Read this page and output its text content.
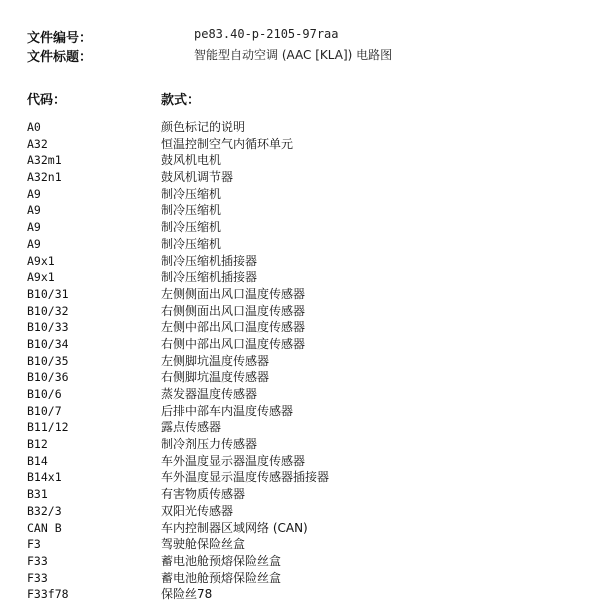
文件编号：	pe83.40-p-2105-97raa
文件标题：	智能型自动空调 (AAC [KLA]) 电路图
代码：	款式：
A0	颜色标记的说明
A32	恒温控制空气内循环单元
A32m1	鼓风机电机
A32n1	鼓风机调节器
A9	制冷压缩机
A9	制冷压缩机
A9	制冷压缩机
A9	制冷压缩机
A9x1	制冷压缩机插接器
A9x1	制冷压缩机插接器
B10/31	左侧侧面出风口温度传感器
B10/32	右侧侧面出风口温度传感器
B10/33	左侧中部出风口温度传感器
B10/34	右侧中部出风口温度传感器
B10/35	左侧脚坑温度传感器
B10/36	右侧脚坑温度传感器
B10/6	蒸发器温度传感器
B10/7	后排中部车内温度传感器
B11/12	露点传感器
B12	制冷剂压力传感器
B14	车外温度显示器温度传感器
B14x1	车外温度显示温度传感器插接器
B31	有害物质传感器
B32/3	双阳光传感器
CAN B	车内控制器区域网络 (CAN)
F3	驾驶舱保险丝盒
F33	蓄电池舱预熔保险丝盒
F33	蓄电池舱预熔保险丝盒
F33f78	保险丝78
